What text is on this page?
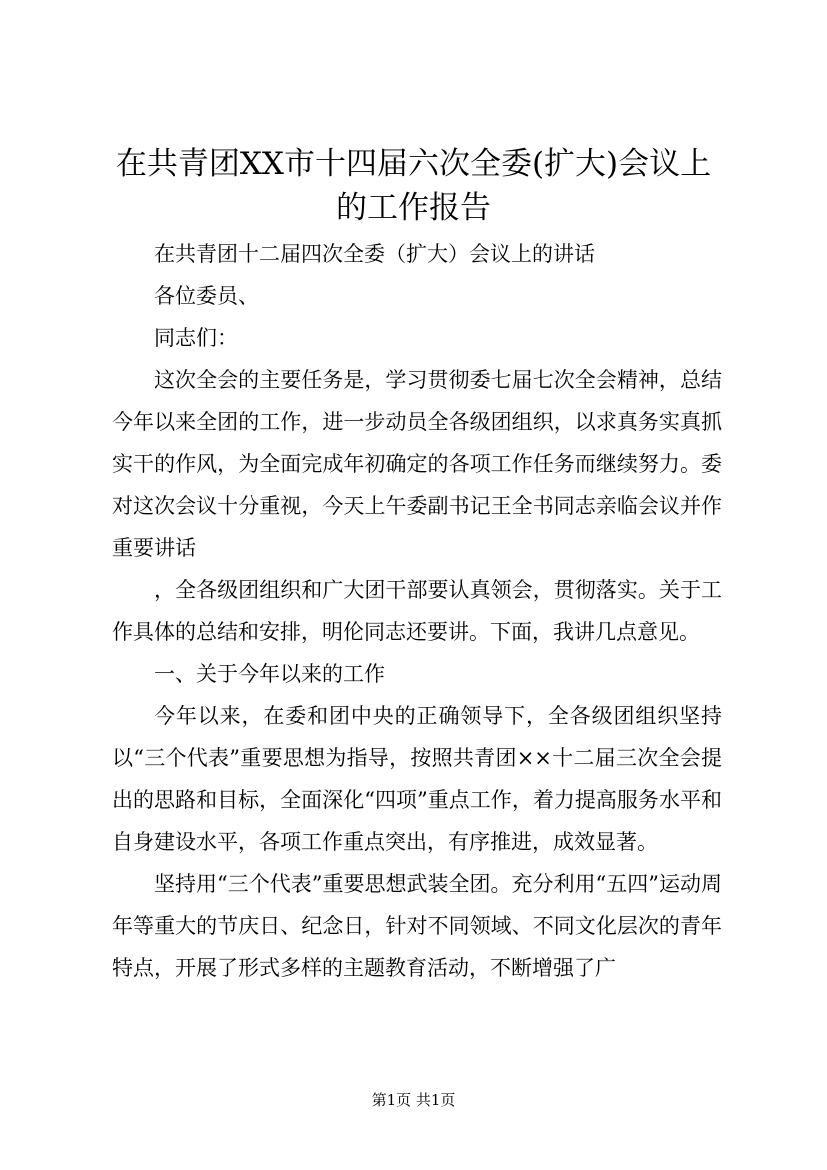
在共青团XX市十四届六次全委(扩大)会议上
的工作报告

在共青团十二届四次全委（扩大）会议上的讲话

各位委员、

同志们：

这次全会的主要任务是，学习贯彻委七届七次全会精神，总结今年以来全团的工作，进一步动员全各级团组织，以求真务实真抓实干的作风，为全面完成年初确定的各项工作任务而继续努力。委对这次会议十分重视，今天上午委副书记王全书同志亲临会议并作重要讲话

，全各级团组织和广大团干部要认真领会，贯彻落实。关于工作具体的总结和安排，明伦同志还要讲。下面，我讲几点意见。

一、关于今年以来的工作

今年以来，在委和团中央的正确领导下，全各级团组织坚持以“三个代表”重要思想为指导，按照共青团××十二届三次全会提出的思路和目标，全面深化“四项”重点工作，着力提高服务水平和自身建设水平，各项工作重点突出，有序推进，成效显著。

坚持用“三个代表”重要思想武装全团。充分利用“五四”运动周年等重大的节庆日、纪念日，针对不同领域、不同文化层次的青年特点，开展了形式多样的主题教育活动，不断增强了广

第1页 共1页
